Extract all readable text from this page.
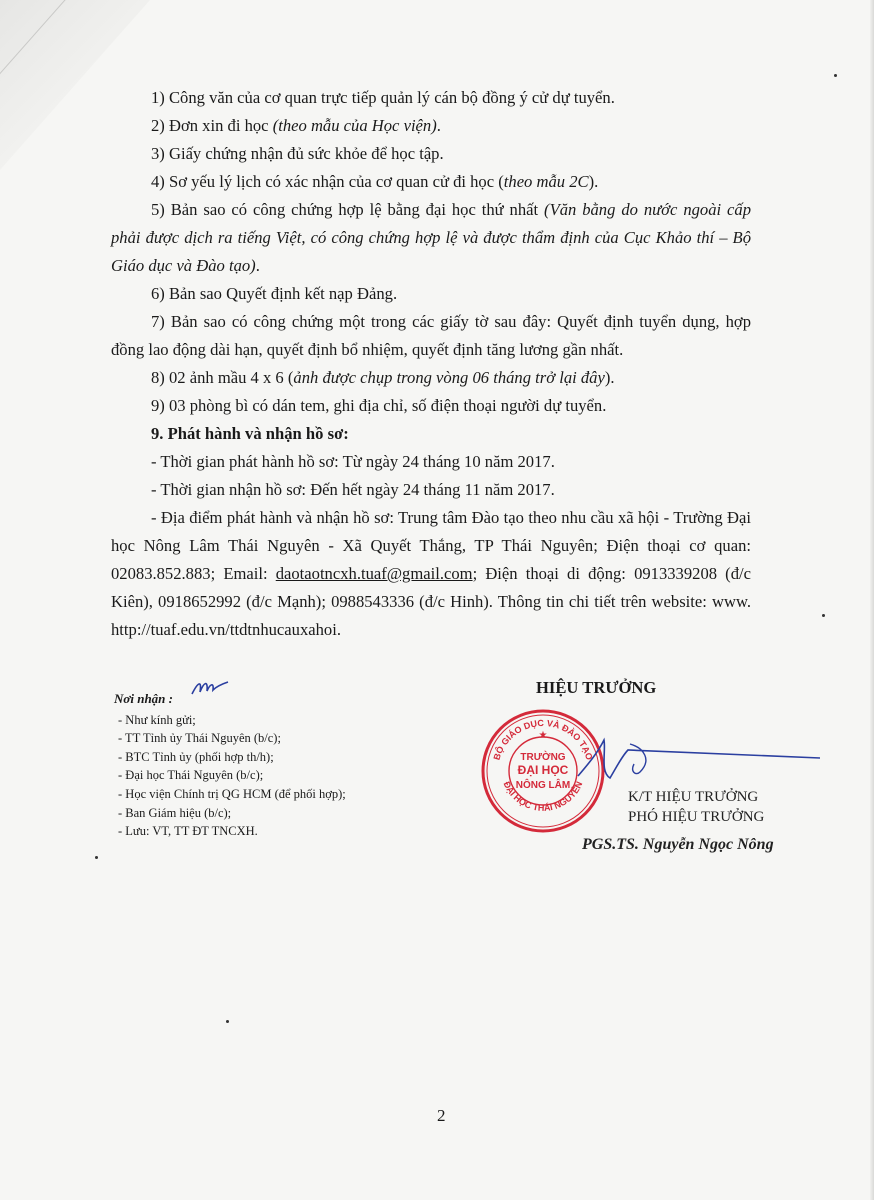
1) Công văn của cơ quan trực tiếp quản lý cán bộ đồng ý cử dự tuyển.

2) Đơn xin đi học (theo mẫu của Học viện).

3) Giấy chứng nhận đủ sức khỏe để học tập.

4) Sơ yếu lý lịch có xác nhận của cơ quan cử đi học (theo mẫu 2C).

5) Bản sao có công chứng hợp lệ bằng đại học thứ nhất (Văn bằng do nước ngoài cấp phải được dịch ra tiếng Việt, có công chứng hợp lệ và được thẩm định của Cục Khảo thí – Bộ Giáo dục và Đào tạo).

6) Bản sao Quyết định kết nạp Đảng.

7) Bản sao có công chứng một trong các giấy tờ sau đây: Quyết định tuyển dụng, hợp đồng lao động dài hạn, quyết định bổ nhiệm, quyết định tăng lương gần nhất.

8) 02 ảnh mầu 4 x 6 (ảnh được chụp trong vòng 06 tháng trở lại đây).

9) 03 phòng bì có dán tem, ghi địa chỉ, số điện thoại người dự tuyển.

9. Phát hành và nhận hồ sơ:

- Thời gian phát hành hồ sơ: Từ ngày 24 tháng 10 năm 2017.

- Thời gian nhận hồ sơ: Đến hết ngày 24 tháng 11 năm 2017.

- Địa điểm phát hành và nhận hồ sơ: Trung tâm Đào tạo theo nhu cầu xã hội - Trường Đại học Nông Lâm Thái Nguyên - Xã Quyết Thắng, TP Thái Nguyên; Điện thoại cơ quan: 02083.852.883; Email: daotaotncxh.tuaf@gmail.com; Điện thoại di động: 0913339208 (đ/c Kiên), 0918652992 (đ/c Mạnh); 0988543336 (đ/c Hinh). Thông tin chi tiết trên website: www. http://tuaf.edu.vn/ttdtnhucauxahoi.

Nơi nhận :
- Như kính gửi;
- TT Tỉnh ủy Thái Nguyên (b/c);
- BTC Tỉnh ủy (phối hợp th/h);
- Đại học Thái Nguyên (b/c);
- Học viện Chính trị QG HCM (để phối hợp);
- Ban Giám hiệu (b/c);
- Lưu: VT, TT ĐT TNCXH.
HIỆU TRƯỞNG
BỘ GIÁO DỤC VÀ ĐÀO TẠO
ĐẠI HỌC THÁI NGUYÊN
TRƯỜNG
ĐẠI HỌC
NÔNG LÂM
★
K/T HIỆU TRƯỞNG
PHÓ HIỆU TRƯỞNG
PGS.TS. Nguyễn Ngọc Nông
2
